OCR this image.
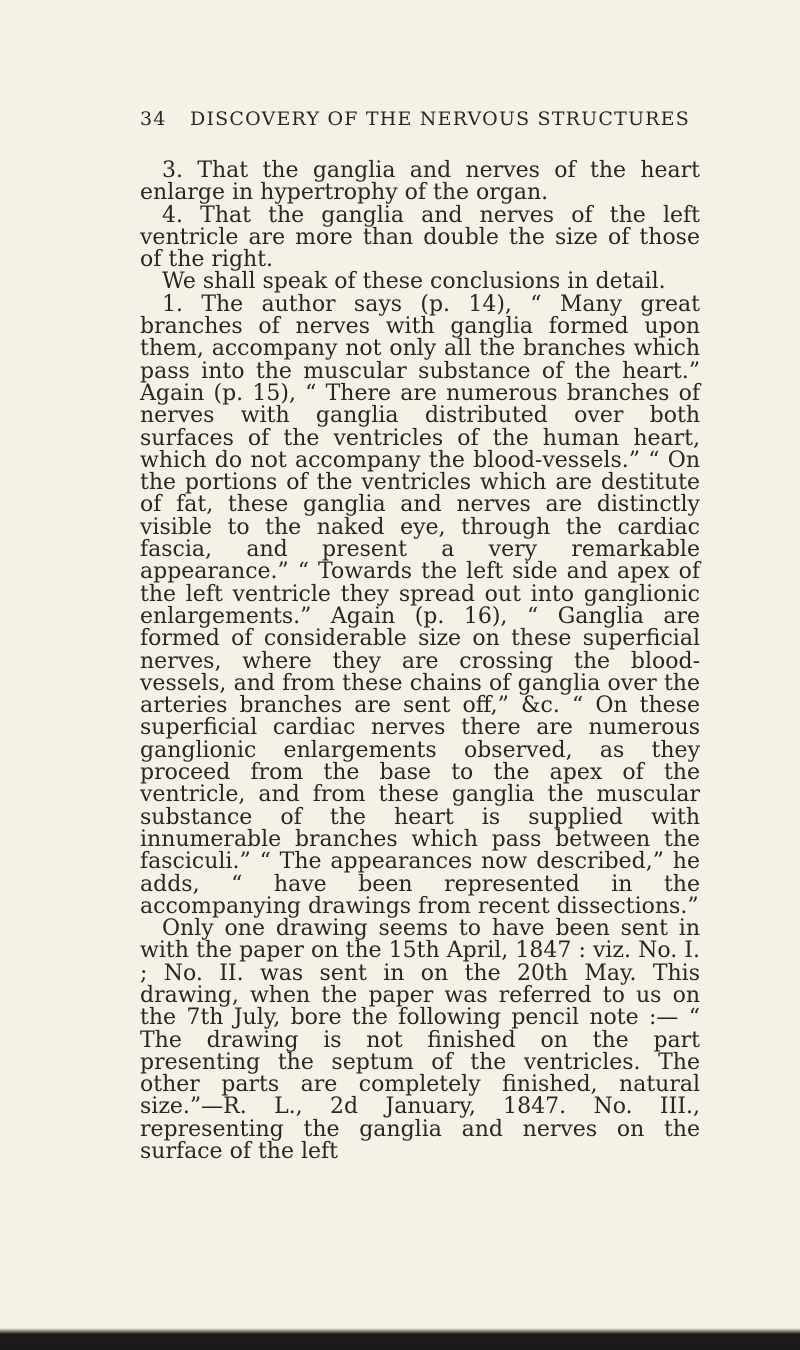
34	DISCOVERY OF THE NERVOUS STRUCTURES

3. That the ganglia and nerves of the heart enlarge in hypertrophy of the organ.

4. That the ganglia and nerves of the left ventricle are more than double the size of those of the right.

We shall speak of these conclusions in detail.

1. The author says (p. 14), “ Many great branches of nerves with ganglia formed upon them, accompany not only all the branches which pass into the muscular substance of the heart.” Again (p. 15), “ There are numerous branches of nerves with ganglia distributed over both surfaces of the ventricles of the human heart, which do not accompany the blood-vessels.” “ On the portions of the ventricles which are destitute of fat, these ganglia and nerves are distinctly visible to the naked eye, through the cardiac fascia, and present a very remarkable appearance.” “ Towards the left side and apex of the left ventricle they spread out into ganglionic enlargements.” Again (p. 16), “ Ganglia are formed of considerable size on these superficial nerves, where they are crossing the blood-vessels, and from these chains of ganglia over the arteries branches are sent off,” &c. “ On these superficial cardiac nerves there are numerous ganglionic enlargements observed, as they proceed from the base to the apex of the ventricle, and from these ganglia the muscular substance of the heart is supplied with innumerable branches which pass between the fasciculi.” “ The appearances now described,” he adds, “ have been represented in the accompanying drawings from recent dissections.”

Only one drawing seems to have been sent in with the paper on the 15th April, 1847 : viz. No. I. ; No. II. was sent in on the 20th May. This drawing, when the paper was referred to us on the 7th July, bore the following pencil note :— “ The drawing is not finished on the part presenting the septum of the ventricles. The other parts are completely finished, natural size.”—R. L., 2d January, 1847. No. III., representing the ganglia and nerves on the surface of the left
